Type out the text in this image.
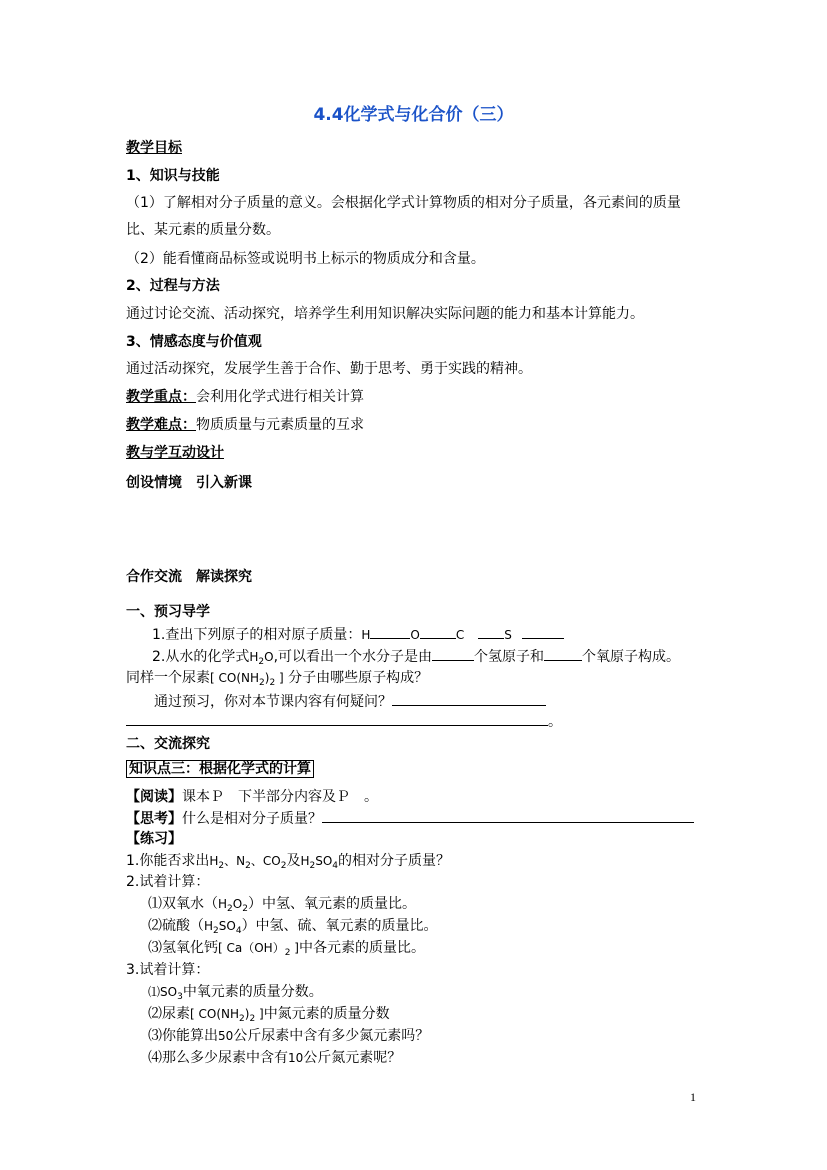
4.4化学式与化合价（三）
教学目标
1、知识与技能
（1）了解相对分子质量的意义。会根据化学式计算物质的相对分子质量，各元素间的质量
比、某元素的质量分数。
（2）能看懂商品标签或说明书上标示的物质成分和含量。
2、过程与方法
通过讨论交流、活动探究，培养学生利用知识解决实际问题的能力和基本计算能力。
3、情感态度与价值观
通过活动探究，发展学生善于合作、勤于思考、勇于实践的精神。
教学重点：会利用化学式进行相关计算
教学难点：物质质量与元素质量的互求
教与学互动设计
创设情境　引入新课
合作交流　解读探究
一、预习导学
1.查出下列原子的相对原子质量：H	O	C	S
2.从水的化学式$H_2O$,可以看出一个水分子是由	个氢原子和	个氧原子构成。
同样一个尿素[ $CO(NH_2)_2$ ] 分子由哪些原子构成？
通过预习，你对本节课内容有何疑问？
。
二、交流探究
知识点三：根据化学式的计算
【阅读】课本Ｐ　下半部分内容及Ｐ　。
【思考】什么是相对分子质量？
【练习】
1.你能否求出$H_2$、$N_2$、$CO_2$及$H_2SO_4$的相对分子质量？
2.试着计算：
⑴双氧水$(H_2O_2)$中氢、氧元素的质量比。
⑵硫酸$(H_2SO_4)$中氢、硫、氧元素的质量比。
⑶氢氧化钙[ $Ca(OH)_2$ ]中各元素的质量比。
3.试着计算：
$⑴SO_3$中氧元素的质量分数。
⑵尿素[ $CO(NH_2)_2$ ]中氮元素的质量分数
⑶你能算出50公斤尿素中含有多少氮元素吗？
⑷那么多少尿素中含有10公斤氮元素呢？
1
